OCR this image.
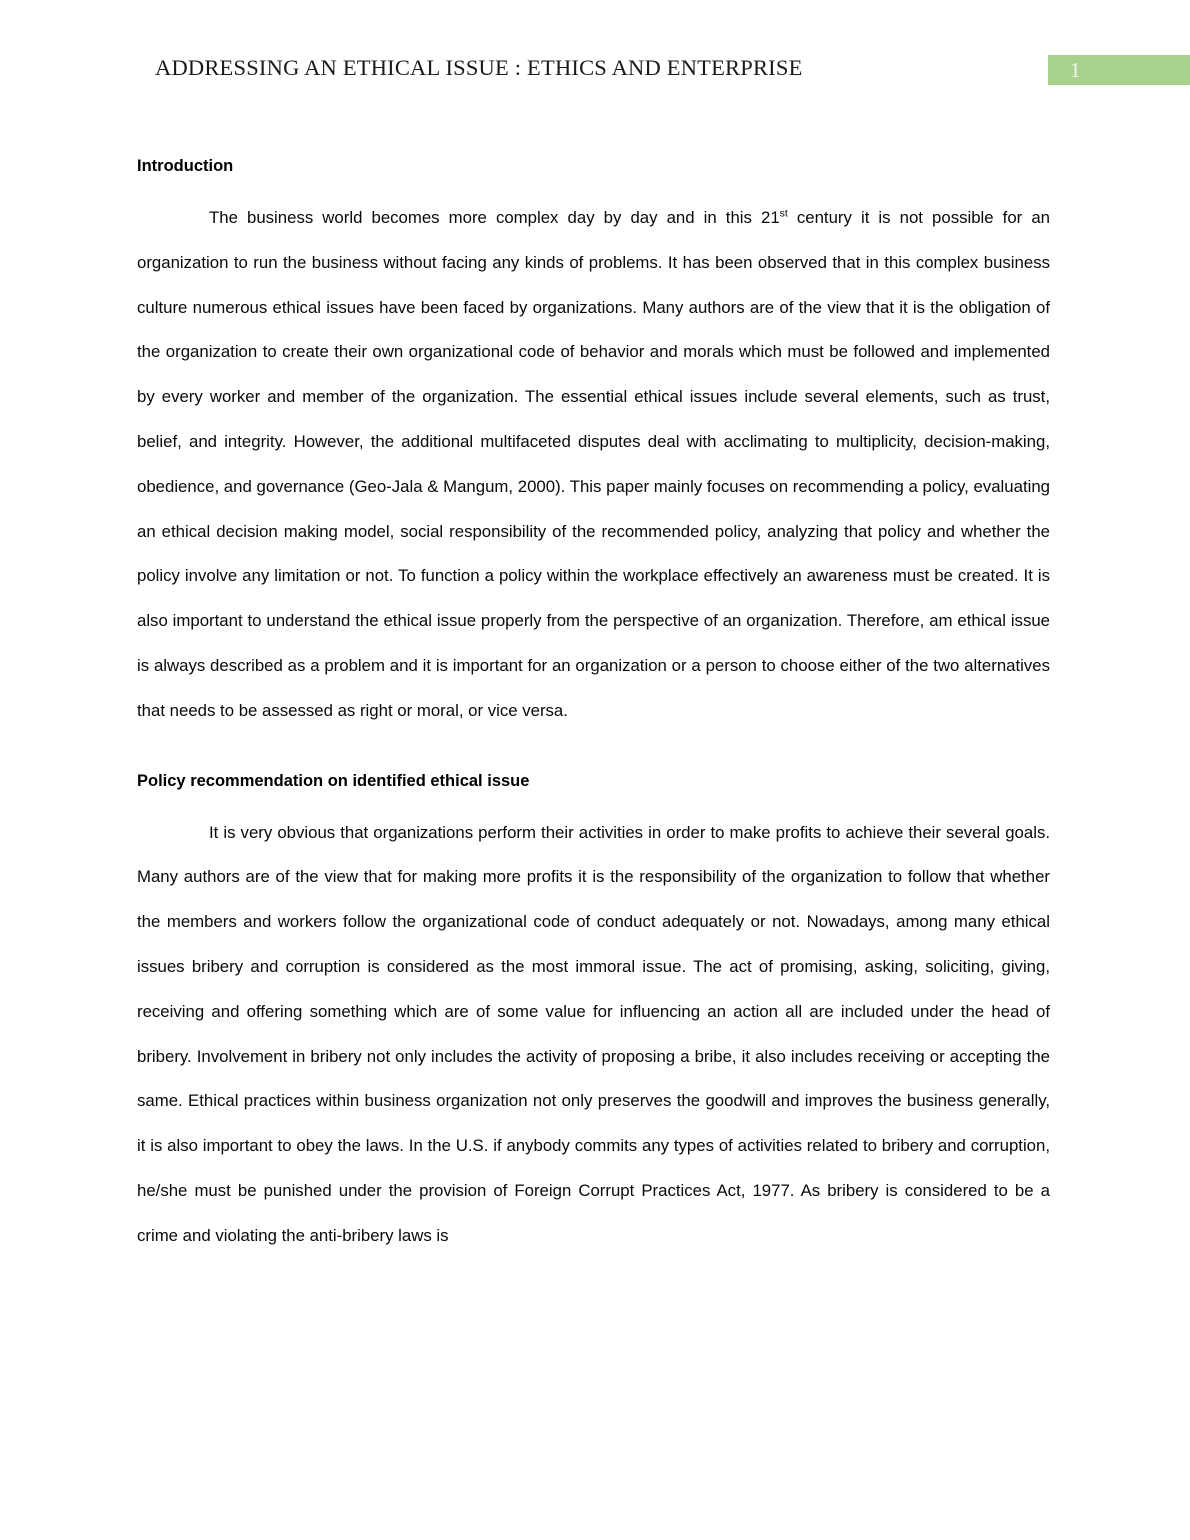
ADDRESSING AN ETHICAL ISSUE : ETHICS AND ENTERPRISE	1
Introduction

The business world becomes more complex day by day and in this 21st century it is not possible for an organization to run the business without facing any kinds of problems. It has been observed that in this complex business culture numerous ethical issues have been faced by organizations. Many authors are of the view that it is the obligation of the organization to create their own organizational code of behavior and morals which must be followed and implemented by every worker and member of the organization. The essential ethical issues include several elements, such as trust, belief, and integrity. However, the additional multifaceted disputes deal with acclimating to multiplicity, decision-making, obedience, and governance (Geo-Jala & Mangum, 2000). This paper mainly focuses on recommending a policy, evaluating an ethical decision making model, social responsibility of the recommended policy, analyzing that policy and whether the policy involve any limitation or not. To function a policy within the workplace effectively an awareness must be created. It is also important to understand the ethical issue properly from the perspective of an organization. Therefore, am ethical issue is always described as a problem and it is important for an organization or a person to choose either of the two alternatives that needs to be assessed as right or moral, or vice versa.

Policy recommendation on identified ethical issue

It is very obvious that organizations perform their activities in order to make profits to achieve their several goals. Many authors are of the view that for making more profits it is the responsibility of the organization to follow that whether the members and workers follow the organizational code of conduct adequately or not. Nowadays, among many ethical issues bribery and corruption is considered as the most immoral issue. The act of promising, asking, soliciting, giving, receiving and offering something which are of some value for influencing an action all are included under the head of bribery. Involvement in bribery not only includes the activity of proposing a bribe, it also includes receiving or accepting the same. Ethical practices within business organization not only preserves the goodwill and improves the business generally, it is also important to obey the laws. In the U.S. if anybody commits any types of activities related to bribery and corruption, he/she must be punished under the provision of Foreign Corrupt Practices Act, 1977. As bribery is considered to be a crime and violating the anti-bribery laws is
